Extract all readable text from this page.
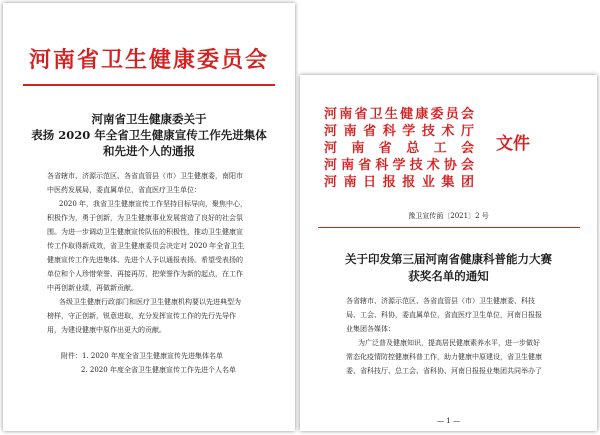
河南省卫生健康委员会
河南省卫生健康委关于
表扬 2020 年全省卫生健康宣传工作先进集体
和先进个人的通报
各省辖市、济源示范区、各省直管县（市）卫生健康委，南阳市
中医药发展局，委直属单位，省直医疗卫生单位：
2020 年，我省卫生健康宣传工作坚持目标导向，聚焦中心，
积极作为，勇于创新，为卫生健康事业发展营造了良好的社会氛
围。为进一步调动卫生健康宣传队伍的积极性，推动卫生健康宣
传工作取得新成效，省卫生健康委员会决定对 2020 年全省卫生
健康宣传工作先进集体、先进个人予以通报表扬。希望受表扬的
单位和个人珍惜荣誉、再接再厉，把荣誉作为新的起点，在工作
中再创新业绩，再做新贡献。
各级卫生健康行政部门和医疗卫生健康机构要以先进典型为
榜样，守正创新，锐意进取，充分发挥宣传工作的先行先导作
用，为建设健康中原作出更大的贡献。
附件：1. 2020 年度全省卫生健康宣传先进集体名单
2. 2020 年度全省卫生健康宣传工作先进个人名单
河南省卫生健康委员会
河南省科学技术厅
河南省总工会
河南省科学技术协会
河南日报报业集团
文件
豫卫宣传函〔2021〕2 号
关于印发第三届河南省健康科普能力大赛
获奖名单的通知
各省辖市、济源示范区、各省直管县（市）卫生健康委、科技
局、工会、科协，委直属单位，省直医疗卫生单位，河南日报报
业集团各媒体：
为广泛普及健康知识，提高居民健康素养水平，进一步做好
常态化疫情防控健康科普工作，助力健康中原建设，省卫生健康
委、省科技厅、总工会、省科协、河南日报报业集团共同举办了
— 1 —
